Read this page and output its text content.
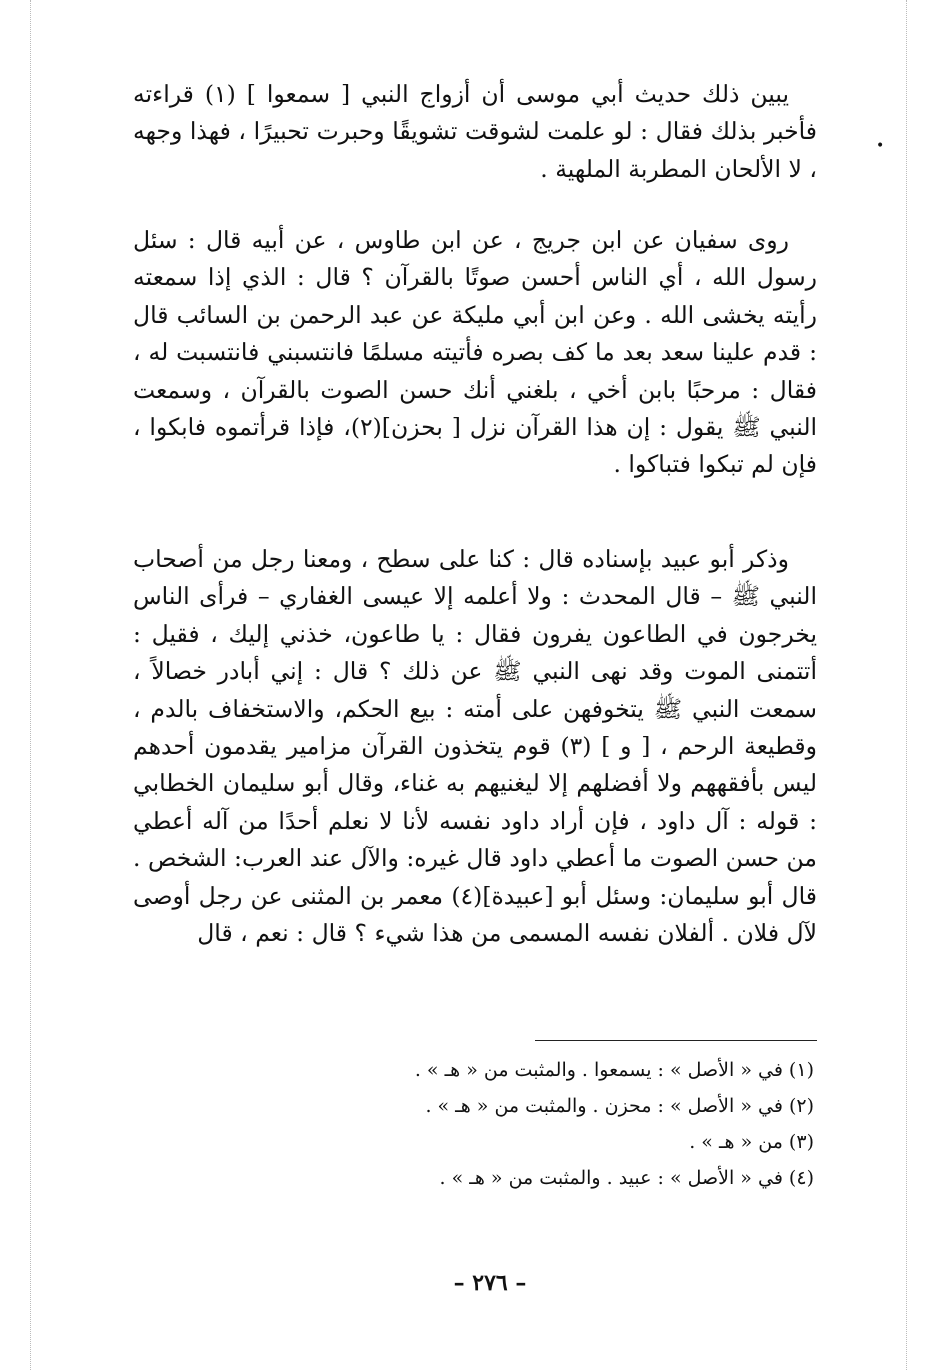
•

يبين ذلك حديث أبي موسى أن أزواج النبي [ سمعوا ] (١) قراءته فأخبر بذلك فقال : لو علمت لشوقت تشويقًا وحبرت تحبيرًا ، فهذا وجهه ، لا الألحان المطربة الملهية .

روى سفيان عن ابن جريج ، عن ابن طاوس ، عن أبيه قال : سئل رسول الله ، أي الناس أحسن صوتًا بالقرآن ؟ قال : الذي إذا سمعته رأيته يخشى الله . وعن ابن أبي مليكة عن عبد الرحمن بن السائب قال : قدم علينا سعد بعد ما كف بصره فأتيته مسلمًا فانتسبني فانتسبت له ، فقال : مرحبًا بابن أخي ، بلغني أنك حسن الصوت بالقرآن ، وسمعت النبي ﷺ يقول : إن هذا القرآن نزل [ بحزن](٢)، فإذا قرأتموه فابكوا ، فإن لم تبكوا فتباكوا .

وذكر أبو عبيد بإسناده قال : كنا على سطح ، ومعنا رجل من أصحاب النبي ﷺ – قال المحدث : ولا أعلمه إلا عيسى الغفاري – فرأى الناس يخرجون في الطاعون يفرون فقال : يا طاعون، خذني إليك ، فقيل : أتتمنى الموت وقد نهى النبي ﷺ عن ذلك ؟ قال : إني أبادر خصالاً ، سمعت النبي ﷺ يتخوفهن على أمته : بيع الحكم، والاستخفاف بالدم ، وقطيعة الرحم ، [ و ] (٣) قوم يتخذون القرآن مزامير يقدمون أحدهم ليس بأفقههم ولا أفضلهم إلا ليغنيهم به غناء، وقال أبو سليمان الخطابي : قوله : آل داود ، فإن أراد داود نفسه لأنا لا نعلم أحدًا من آله أعطي من حسن الصوت ما أعطي داود قال غيره: والآل عند العرب: الشخص . قال أبو سليمان: وسئل أبو [عبيدة](٤) معمر بن المثنى عن رجل أوصى لآل فلان . ألفلان نفسه المسمى من هذا شيء ؟ قال : نعم ، قال

(١) في « الأصل » : يسمعوا . والمثبت من « هـ » .

(٢) في « الأصل » : محزن . والمثبت من « هـ » .

(٣) من « هـ » .

(٤) في « الأصل » : عبيد . والمثبت من « هـ » .

– ٢٧٦ –
